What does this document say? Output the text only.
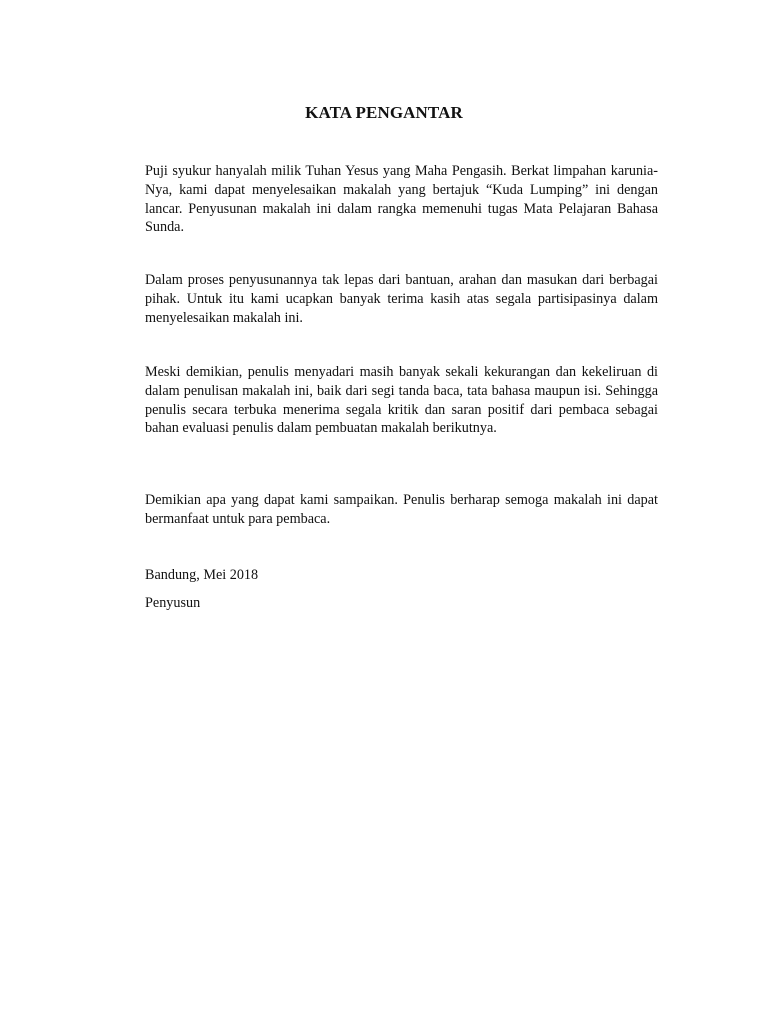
KATA PENGANTAR

Puji syukur hanyalah milik Tuhan Yesus yang Maha Pengasih. Berkat limpahan karunia-Nya, kami dapat menyelesaikan makalah yang bertajuk “Kuda Lumping” ini dengan lancar. Penyusunan makalah ini dalam rangka memenuhi tugas Mata Pelajaran Bahasa Sunda.

Dalam proses penyusunannya tak lepas dari bantuan, arahan dan masukan dari berbagai pihak. Untuk itu kami ucapkan banyak terima kasih atas segala partisipasinya dalam menyelesaikan makalah ini.

Meski demikian, penulis menyadari masih banyak sekali kekurangan dan kekeliruan di dalam penulisan makalah ini, baik dari segi tanda baca, tata bahasa maupun isi. Sehingga penulis secara terbuka menerima segala kritik dan saran positif dari pembaca sebagai bahan evaluasi penulis dalam pembuatan makalah berikutnya.

Demikian apa yang dapat kami sampaikan. Penulis berharap semoga makalah ini dapat bermanfaat untuk para pembaca.

Bandung, Mei 2018
Penyusun
